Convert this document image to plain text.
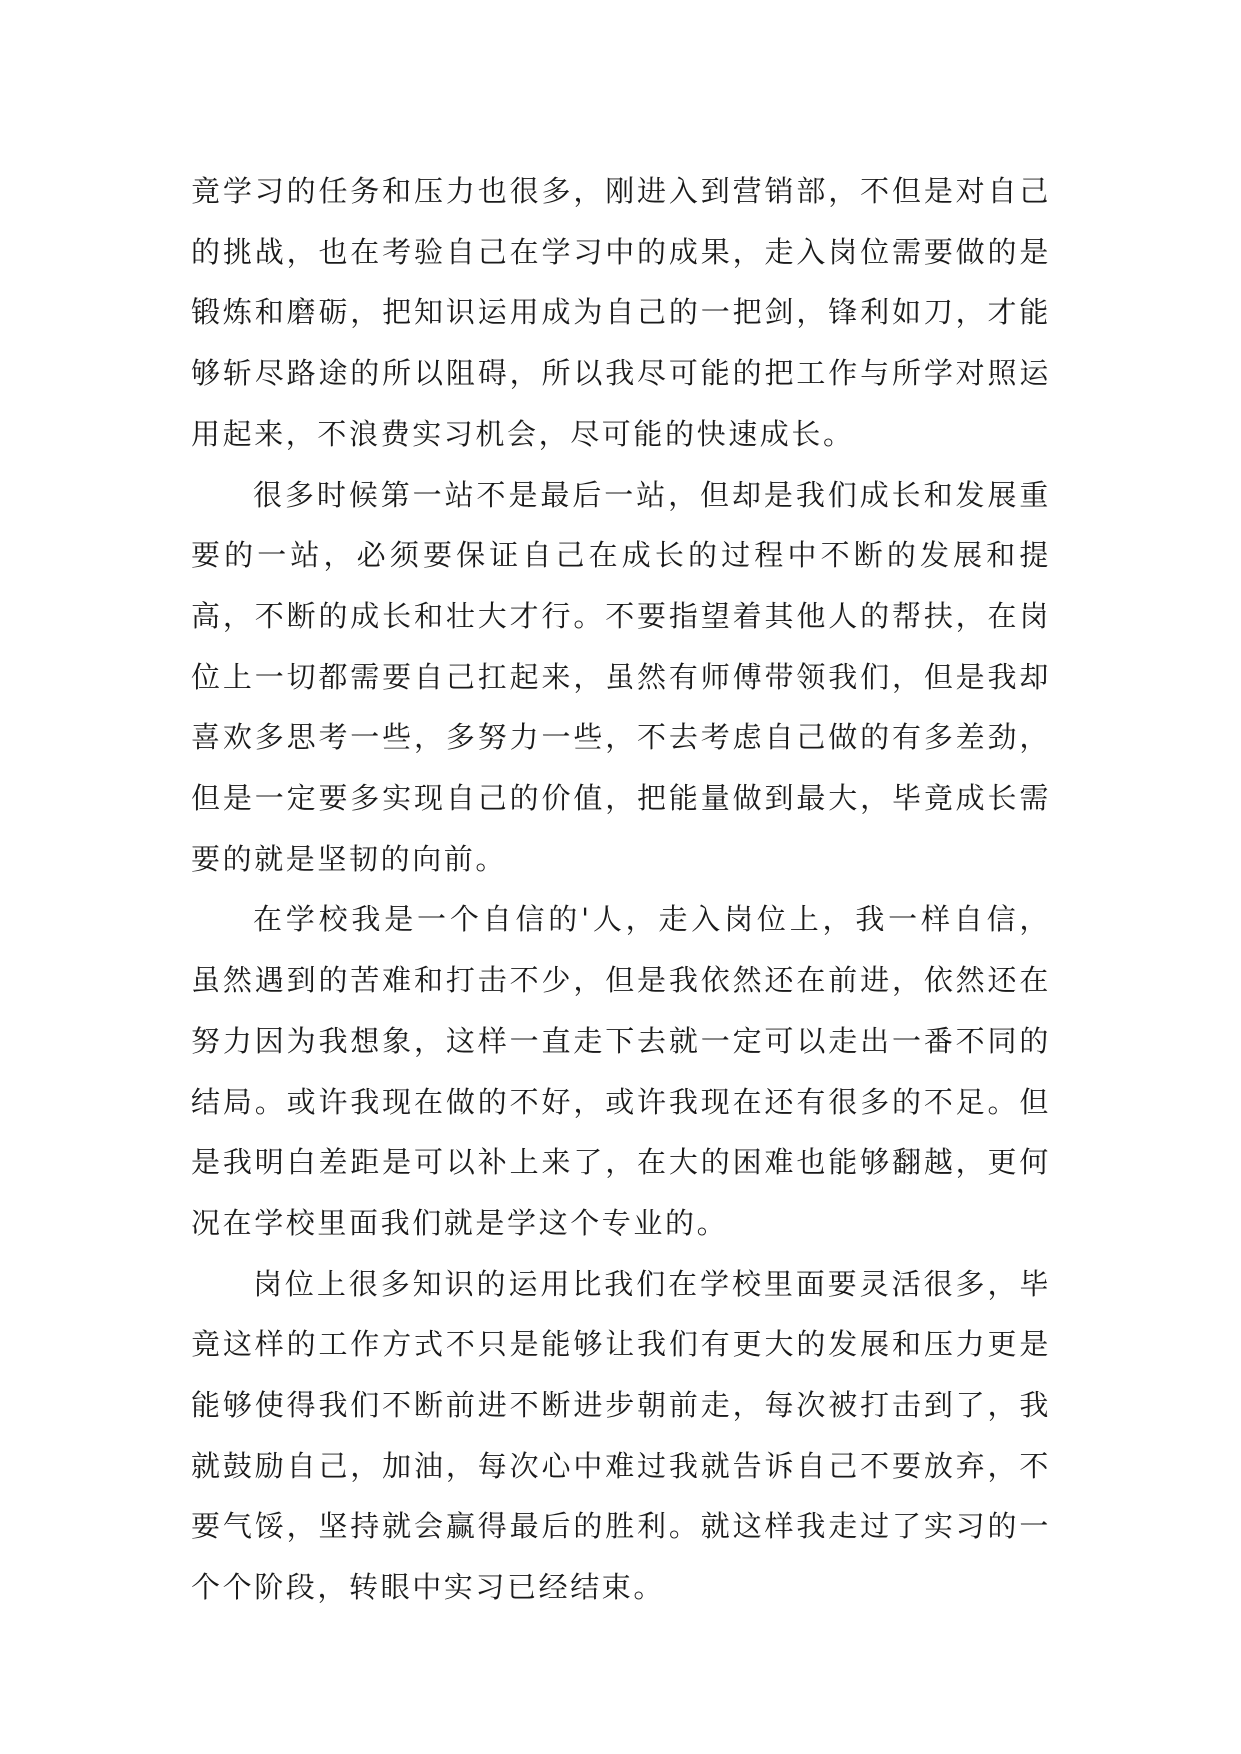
竟学习的任务和压力也很多，刚进入到营销部，不但是对自己的挑战，也在考验自己在学习中的成果，走入岗位需要做的是锻炼和磨砺，把知识运用成为自己的一把剑，锋利如刀，才能够斩尽路途的所以阻碍，所以我尽可能的把工作与所学对照运用起来，不浪费实习机会，尽可能的快速成长。

很多时候第一站不是最后一站，但却是我们成长和发展重要的一站，必须要保证自己在成长的过程中不断的发展和提高，不断的成长和壮大才行。不要指望着其他人的帮扶，在岗位上一切都需要自己扛起来，虽然有师傅带领我们，但是我却喜欢多思考一些，多努力一些，不去考虑自己做的有多差劲，但是一定要多实现自己的价值，把能量做到最大，毕竟成长需要的就是坚韧的向前。

在学校我是一个自信的'人，走入岗位上，我一样自信，虽然遇到的苦难和打击不少，但是我依然还在前进，依然还在努力因为我想象，这样一直走下去就一定可以走出一番不同的结局。或许我现在做的不好，或许我现在还有很多的不足。但是我明白差距是可以补上来了，在大的困难也能够翻越，更何况在学校里面我们就是学这个专业的。

岗位上很多知识的运用比我们在学校里面要灵活很多，毕竟这样的工作方式不只是能够让我们有更大的发展和压力更是能够使得我们不断前进不断进步朝前走，每次被打击到了，我就鼓励自己，加油，每次心中难过我就告诉自己不要放弃，不要气馁，坚持就会赢得最后的胜利。就这样我走过了实习的一个个阶段，转眼中实习已经结束。
